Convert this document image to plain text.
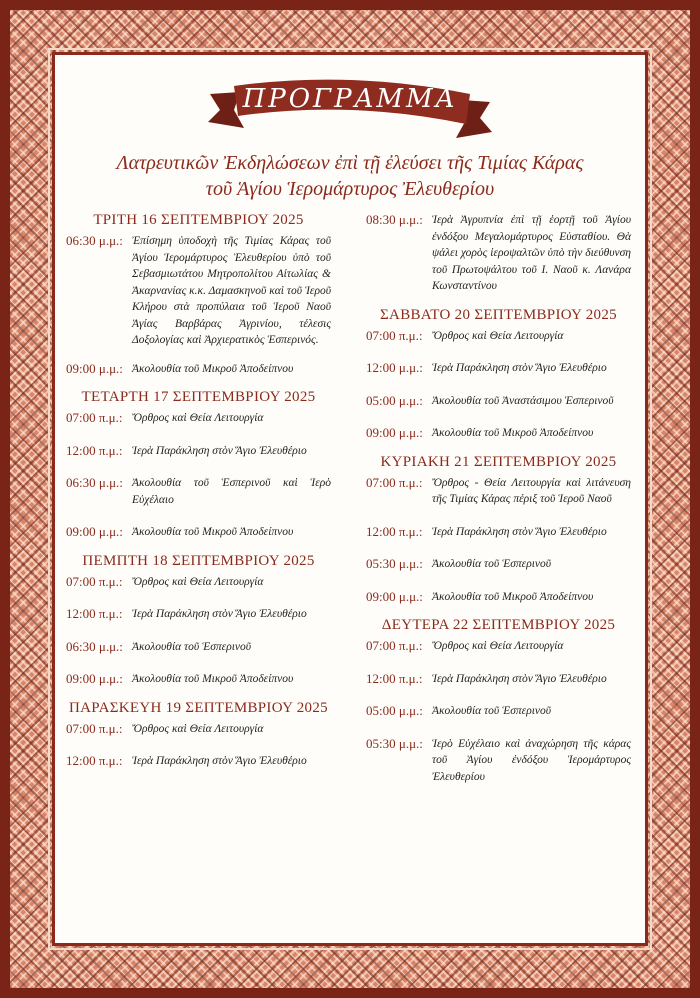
ΠΡΟΓΡΑΜΜΑ
Λατρευτικῶν Ἐκδηλώσεων ἐπὶ τῇ ἐλεύσει τῆς Τιμίας Κάρας
τοῦ Ἁγίου Ἱερομάρτυρος Ἐλευθερίου
ΤΡΙΤΗ 16 ΣΕΠΤΕΜΒΡΙΟΥ 2025
06:30 μ.μ.: Ἐπίσημη ὑποδοχὴ τῆς Τιμίας Κάρας τοῦ Ἁγίου Ἱερομάρτυρος Ἐλευθερίου ὑπὸ τοῦ Σεβασμιωτάτου Μητροπολίτου Αἰτωλίας & Ἀκαρνανίας κ.κ. Δαμασκηνοῦ καὶ τοῦ Ἱεροῦ Κλήρου στὰ προπύλαια τοῦ Ἱεροῦ Ναοῦ Ἁγίας Βαρβάρας Ἀγρινίου, τέλεσις Δοξολογίας καὶ Ἀρχιερατικὸς Ἑσπερινός.
09:00 μ.μ.: Ἀκολουθία τοῦ Μικροῦ Ἀποδείπνου
ΤΕΤΑΡΤΗ 17 ΣΕΠΤΕΜΒΡΙΟΥ 2025
07:00 π.μ.: Ὄρθρος καὶ Θεία Λειτουργία
12:00 π.μ.: Ἱερὰ Παράκληση στὸν Ἅγιο Ἐλευθέριο
06:30 μ.μ.: Ἀκολουθία τοῦ Ἑσπερινοῦ καὶ Ἱερὸ Εὐχέλαιο
09:00 μ.μ.: Ἀκολουθία τοῦ Μικροῦ Ἀποδείπνου
ΠΕΜΠΤΗ 18 ΣΕΠΤΕΜΒΡΙΟΥ 2025
07:00 π.μ.: Ὄρθρος καὶ Θεία Λειτουργία
12:00 π.μ.: Ἱερὰ Παράκληση στὸν Ἅγιο Ἐλευθέριο
06:30 μ.μ.: Ἀκολουθία τοῦ Ἑσπερινοῦ
09:00 μ.μ.: Ἀκολουθία τοῦ Μικροῦ Ἀποδείπνου
ΠΑΡΑΣΚΕΥΗ 19 ΣΕΠΤΕΜΒΡΙΟΥ 2025
07:00 π.μ.: Ὄρθρος καὶ Θεία Λειτουργία
12:00 π.μ.: Ἱερὰ Παράκληση στὸν Ἅγιο Ἐλευθέριο
08:30 μ.μ.: Ἱερὰ Ἀγρυπνία ἐπὶ τῇ ἑορτῇ τοῦ Ἁγίου ἐνδόξου Μεγαλομάρτυρος Εὐσταθίου. Θὰ ψάλει χορὸς ἱεροψαλτῶν ὑπὸ τὴν διεύθυνση τοῦ Πρωτοψάλτου τοῦ Ι. Ναοῦ κ. Λανάρα Κωνσταντίνου
ΣΑΒΒΑΤΟ 20 ΣΕΠΤΕΜΒΡΙΟΥ 2025
07:00 π.μ.: Ὄρθρος καὶ Θεία Λειτουργία
12:00 μ.μ.: Ἱερὰ Παράκληση στὸν Ἅγιο Ἐλευθέριο
05:00 μ.μ.: Ἀκολουθία τοῦ Ἀναστάσιμου Ἑσπερινοῦ
09:00 μ.μ.: Ἀκολουθία τοῦ Μικροῦ Ἀποδείπνου
ΚΥΡΙΑΚΗ 21 ΣΕΠΤΕΜΒΡΙΟΥ 2025
07:00 π.μ.: Ὄρθρος - Θεία Λειτουργία καὶ λιτάνευση τῆς Τιμίας Κάρας πέριξ τοῦ Ἱεροῦ Ναοῦ
12:00 π.μ.: Ἱερὰ Παράκληση στὸν Ἅγιο Ἐλευθέριο
05:30 μ.μ.: Ἀκολουθία τοῦ Ἑσπερινοῦ
09:00 μ.μ.: Ἀκολουθία τοῦ Μικροῦ Ἀποδείπνου
ΔΕΥΤΕΡΑ 22 ΣΕΠΤΕΜΒΡΙΟΥ 2025
07:00 π.μ.: Ὄρθρος καὶ Θεία Λειτουργία
12:00 π.μ.: Ἱερὰ Παράκληση στὸν Ἅγιο Ἐλευθέριο
05:00 μ.μ.: Ἀκολουθία τοῦ Ἑσπερινοῦ
05:30 μ.μ.: Ἱερὸ Εὐχέλαιο καὶ ἀναχώρηση τῆς κάρας τοῦ Ἁγίου ἐνδόξου Ἱερομάρτυρος Ἐλευθερίου
